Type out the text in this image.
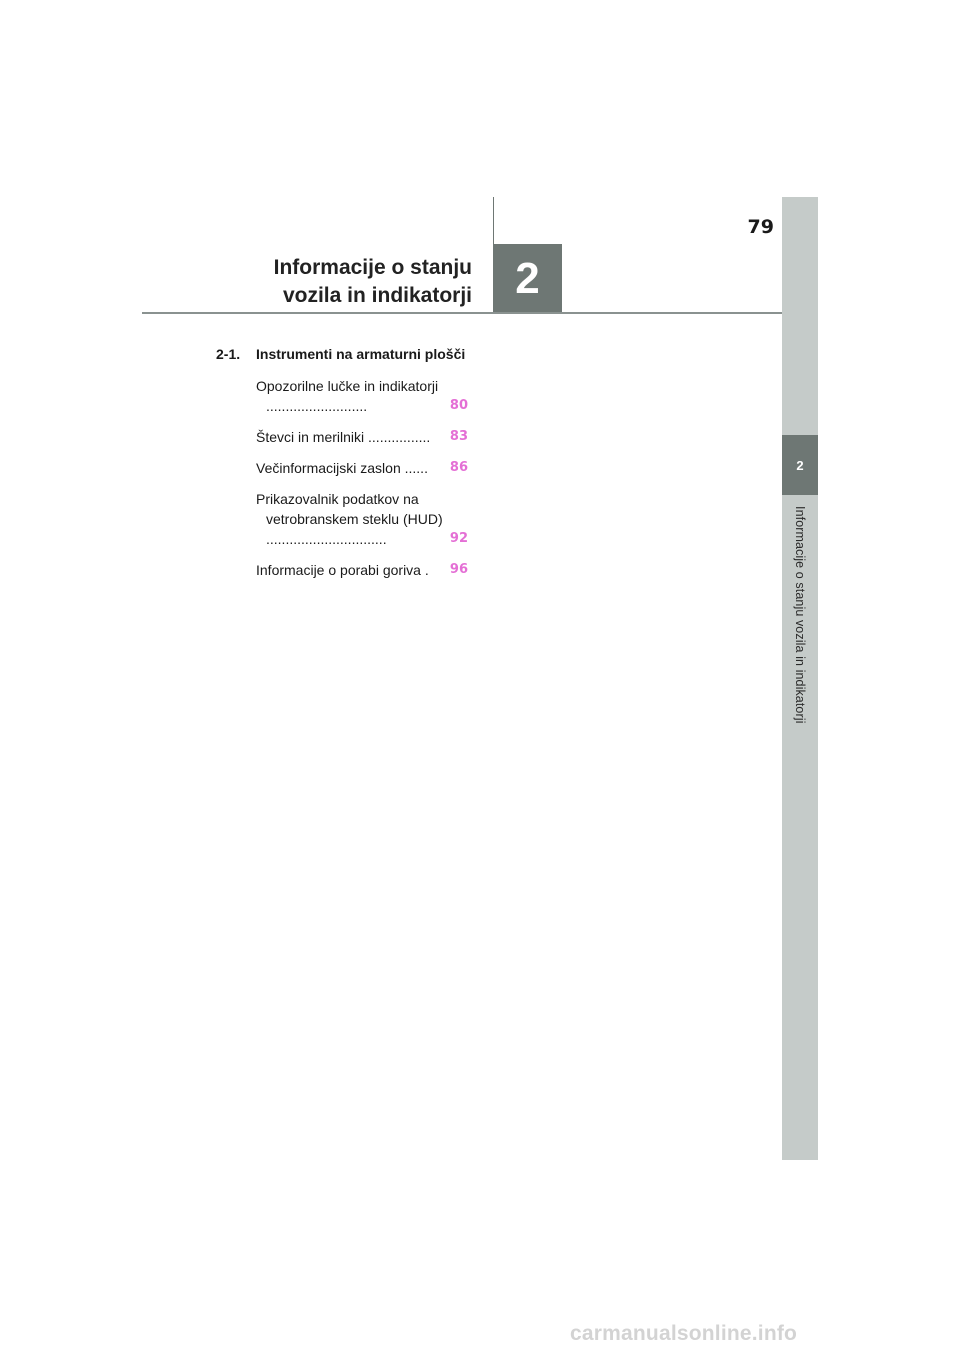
79
Informacije o stanju
vozila in indikatorji 2
2
Informacije o stanju vozila in indikatorji
2-1.	Instrumenti na armaturni plošči
Opozorilne lučke in indikatorji ..........................	80
Števci in merilniki ................	83
Večinformacijski zaslon ......	86
Prikazovalnik podatkov na vetrobranskem steklu (HUD) ...............................	92
Informacije o porabi goriva .	96
carmanualsonline.info
